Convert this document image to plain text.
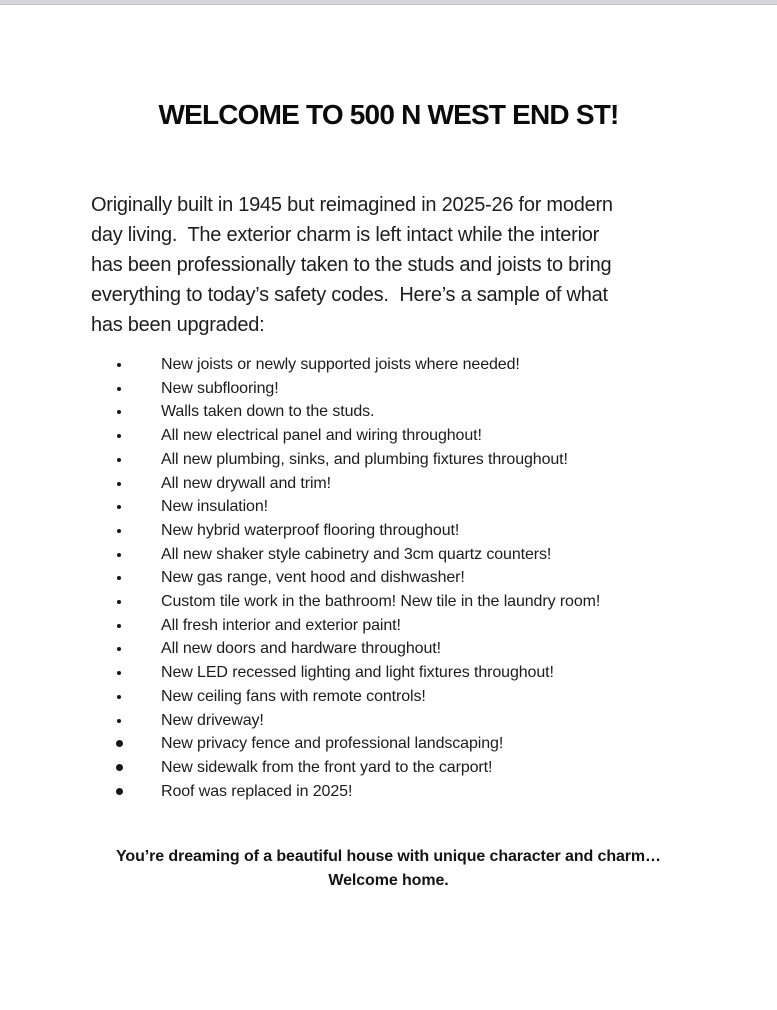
WELCOME TO 500 N WEST END ST!
Originally built in 1945 but reimagined in 2025-26 for modern
day living.  The exterior charm is left intact while the interior
has been professionally taken to the studs and joists to bring
everything to today’s safety codes.  Here’s a sample of what
has been upgraded:
New joists or newly supported joists where needed!
New subflooring!
Walls taken down to the studs.
All new electrical panel and wiring throughout!
All new plumbing, sinks, and plumbing fixtures throughout!
All new drywall and trim!
New insulation!
New hybrid waterproof flooring throughout!
All new shaker style cabinetry and 3cm quartz counters!
New gas range, vent hood and dishwasher!
Custom tile work in the bathroom! New tile in the laundry room!
All fresh interior and exterior paint!
All new doors and hardware throughout!
New LED recessed lighting and light fixtures throughout!
New ceiling fans with remote controls!
New driveway!
New privacy fence and professional landscaping!
New sidewalk from the front yard to the carport!
Roof was replaced in 2025!
You’re dreaming of a beautiful house with unique character and charm…
Welcome home.
